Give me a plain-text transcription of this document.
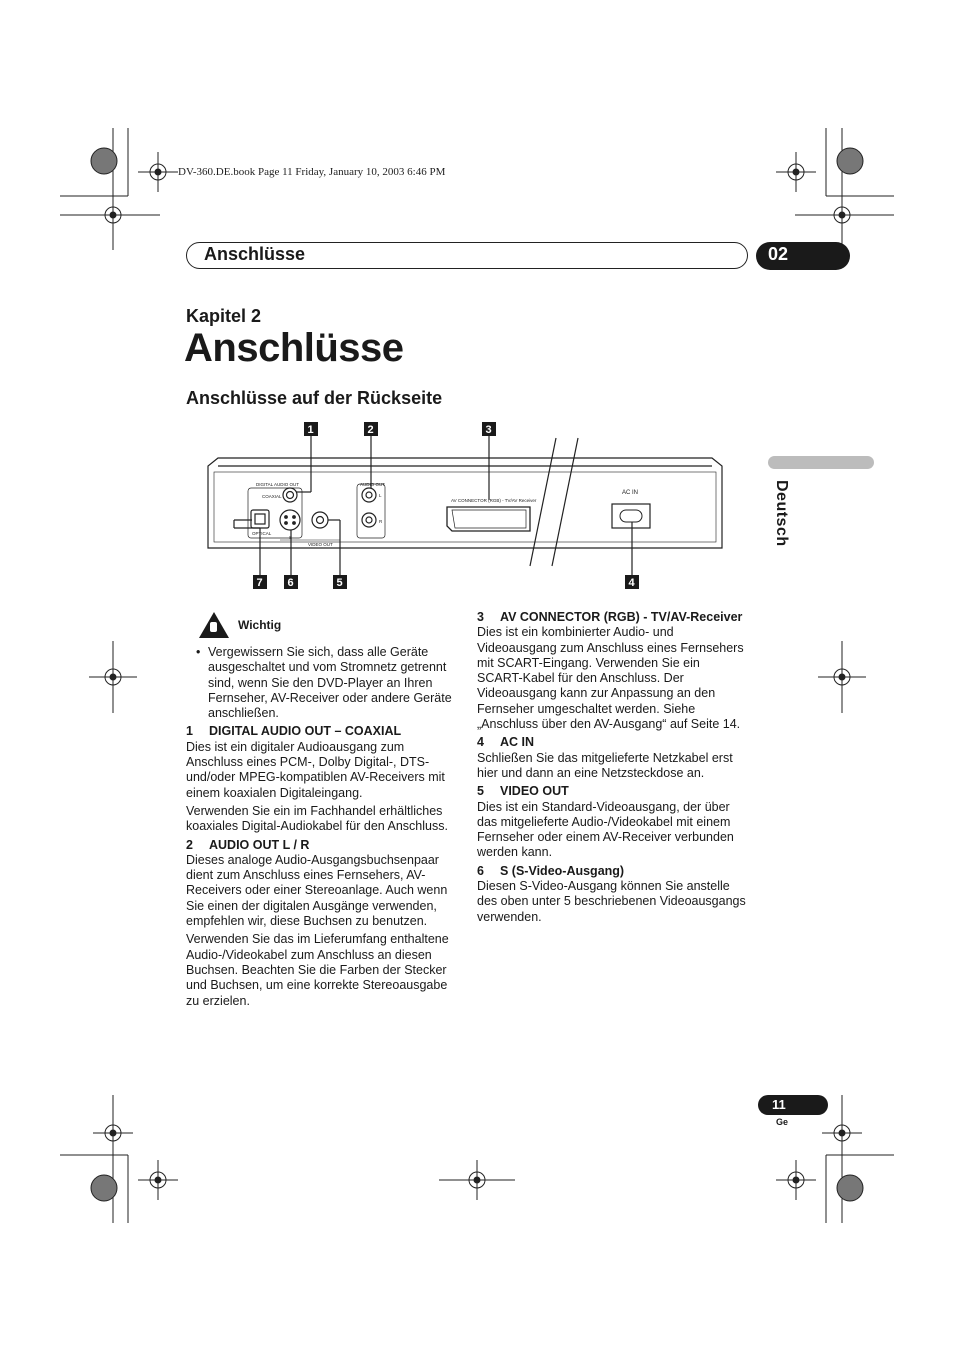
DV-360.DE.book Page 11 Friday, January 10, 2003 6:46 PM
Anschlüsse	02
Kapitel 2
Anschlüsse
Anschlüsse auf der Rückseite
Deutsch
DIGITAL AUDIO OUT
COAXIAL
OPTICAL
S
VIDEO OUT
AUDIO OUT
L
R
AV CONNECTOR (RGB) - TV/AV Receiver
AC IN
1	2	3
7 6	5	4
Wichtig

• Vergewissern Sie sich, dass alle Geräte ausgeschaltet und vom Stromnetz getrennt sind, wenn Sie den DVD-Player an Ihren Fernseher, AV-Receiver oder andere Geräte anschließen.

1 DIGITAL AUDIO OUT – COAXIAL

Dies ist ein digitaler Audioausgang zum Anschluss eines PCM-, Dolby Digital-, DTS- und/oder MPEG-kompatiblen AV-Receivers mit einem koaxialen Digitaleingang.

Verwenden Sie ein im Fachhandel erhältliches koaxiales Digital-Audiokabel für den Anschluss.

2 AUDIO OUT L / R

Dieses analoge Audio-Ausgangsbuchsenpaar dient zum Anschluss eines Fernsehers, AV-Receivers oder einer Stereoanlage. Auch wenn Sie einen der digitalen Ausgänge verwenden, empfehlen wir, diese Buchsen zu benutzen.

Verwenden Sie das im Lieferumfang enthaltene Audio-/Videokabel zum Anschluss an diesen Buchsen. Beachten Sie die Farben der Stecker und Buchsen, um eine korrekte Stereoausgabe zu erzielen.

3 AV CONNECTOR (RGB) - TV/AV-Receiver

Dies ist ein kombinierter Audio- und Videoausgang zum Anschluss eines Fernsehers mit SCART-Eingang. Verwenden Sie ein SCART-Kabel für den Anschluss. Der Videoausgang kann zur Anpassung an den Fernseher umgeschaltet werden. Siehe „Anschluss über den AV-Ausgang“ auf Seite 14.

4 AC IN

Schließen Sie das mitgelieferte Netzkabel erst hier und dann an eine Netzsteckdose an.

5 VIDEO OUT

Dies ist ein Standard-Videoausgang, der über das mitgelieferte Audio-/Videokabel mit einem Fernseher oder einem AV-Receiver verbunden werden kann.

6 S (S-Video-Ausgang)

Diesen S-Video-Ausgang können Sie anstelle des oben unter 5 beschriebenen Videoausgangs verwenden.

11
Ge
